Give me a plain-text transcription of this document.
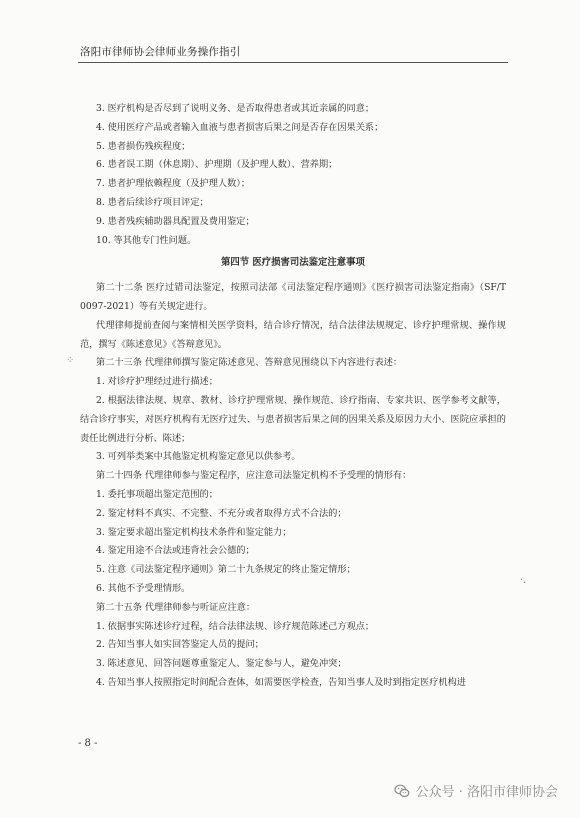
洛阳市律师协会律师业务操作指引
3. 医疗机构是否尽到了说明义务、是否取得患者或其近亲属的同意；
4. 使用医疗产品或者输入血液与患者损害后果之间是否存在因果关系；
5. 患者损伤残疾程度；
6. 患者误工期（休息期）、护理期（及护理人数）、营养期；
7. 患者护理依赖程度（及护理人数）；
8. 患者后续诊疗项目评定；
9. 患者残疾辅助器具配置及费用鉴定；
10. 等其他专门性问题。
第四节 医疗损害司法鉴定注意事项
第二十二条 医疗过错司法鉴定，按照司法部《司法鉴定程序通则》《医疗损害司法鉴定指南》（SF/T 0097-2021）等有关规定进行。
代理律师提前查阅与案情相关医学资料，结合诊疗情况，结合法律法规规定、诊疗护理常规、操作规范，撰写《陈述意见》《答辩意见》。
第二十三条 代理律师撰写鉴定陈述意见、答辩意见围绕以下内容进行表述：
1. 对诊疗护理经过进行描述；
2. 根据法律法规、规章、教材、诊疗护理常规、操作规范、诊疗指南、专家共识、医学参考文献等，结合诊疗事实，对医疗机构有无医疗过失、与患者损害后果之间的因果关系及原因力大小、医院应承担的责任比例进行分析、陈述；
3. 可列举类案中其他鉴定机构鉴定意见以供参考。
第二十四条 代理律师参与鉴定程序，应注意司法鉴定机构不予受理的情形有：
1. 委托事项超出鉴定范围的；
2. 鉴定材料不真实、不完整、不充分或者取得方式不合法的；
3. 鉴定要求超出鉴定机构技术条件和鉴定能力；
4. 鉴定用途不合法或违背社会公德的；
5. 注意《司法鉴定程序通则》第二十九条规定的终止鉴定情形；
6. 其他不予受理情形。
第二十五条 代理律师参与听证应注意：
1. 依据事实陈述诊疗过程，结合法律法规、诊疗规范陈述己方观点；
2. 告知当事人如实回答鉴定人员的提问；
3. 陈述意见、回答问题尊重鉴定人、鉴定参与人，避免冲突；
4. 告知当事人按照指定时间配合查体，如需要医学检查，告知当事人及时到指定医疗机构进
- 8 -
⁘
·.
公众号 · 洛阳市律师协会
